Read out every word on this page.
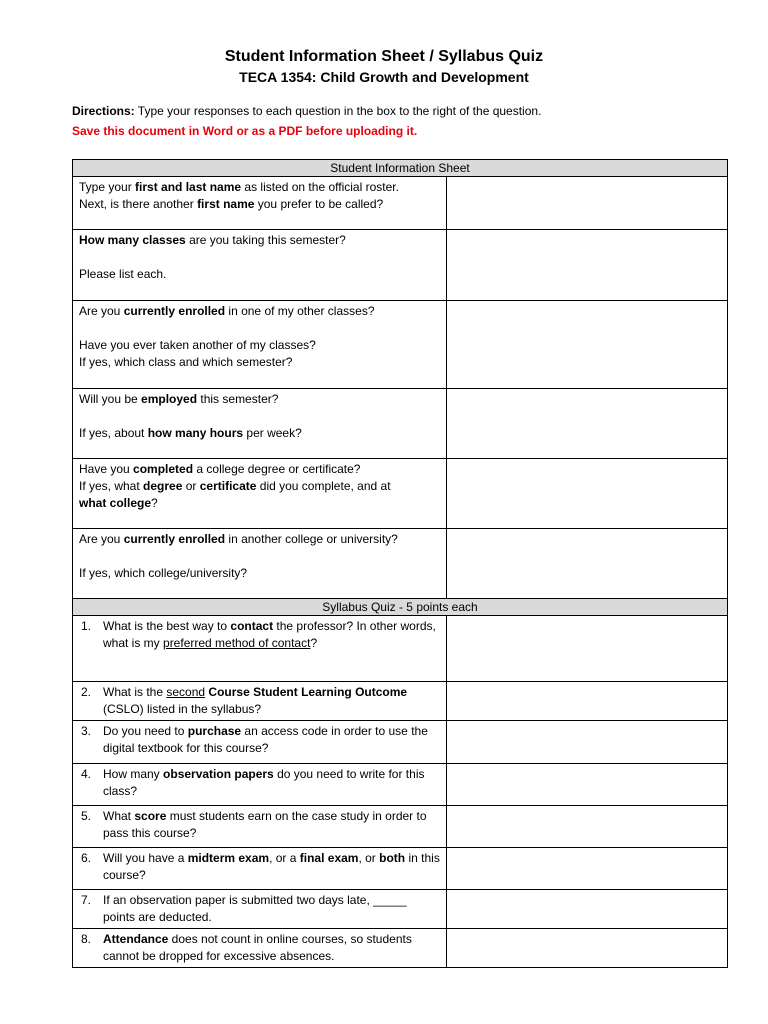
Student Information Sheet / Syllabus Quiz
TECA 1354: Child Growth and Development
Directions: Type your responses to each question in the box to the right of the question.
Save this document in Word or as a PDF before uploading it.
Student Information Sheet	

Type your first and last name as listed on the official roster.

Next, is there another first name you prefer to be called?	

How many classes are you taking this semester?

Please list each.	

Are you currently enrolled in one of my other classes?

Have you ever taken another of my classes?

If yes, which class and which semester?	

Will you be employed this semester?

If yes, about how many hours per week?	

Have you completed a college degree or certificate?

If yes, what degree or certificate did you complete, and at

what college?	

Are you currently enrolled in another college or university?

If yes, which college/university?	

Syllabus Quiz - 5 points each	

1. What is the best way to contact the professor? In other words, what is my preferred method of contact?	

2. What is the second Course Student Learning Outcome (CSLO) listed in the syllabus?	

3. Do you need to purchase an access code in order to use the digital textbook for this course?	

4. How many observation papers do you need to write for this class?	

5. What score must students earn on the case study in order to pass this course?	

6. Will you have a midterm exam, or a final exam, or both in this course?	

7. If an observation paper is submitted two days late, _____ points are deducted.	

8. Attendance does not count in online courses, so students cannot be dropped for excessive absences.	
